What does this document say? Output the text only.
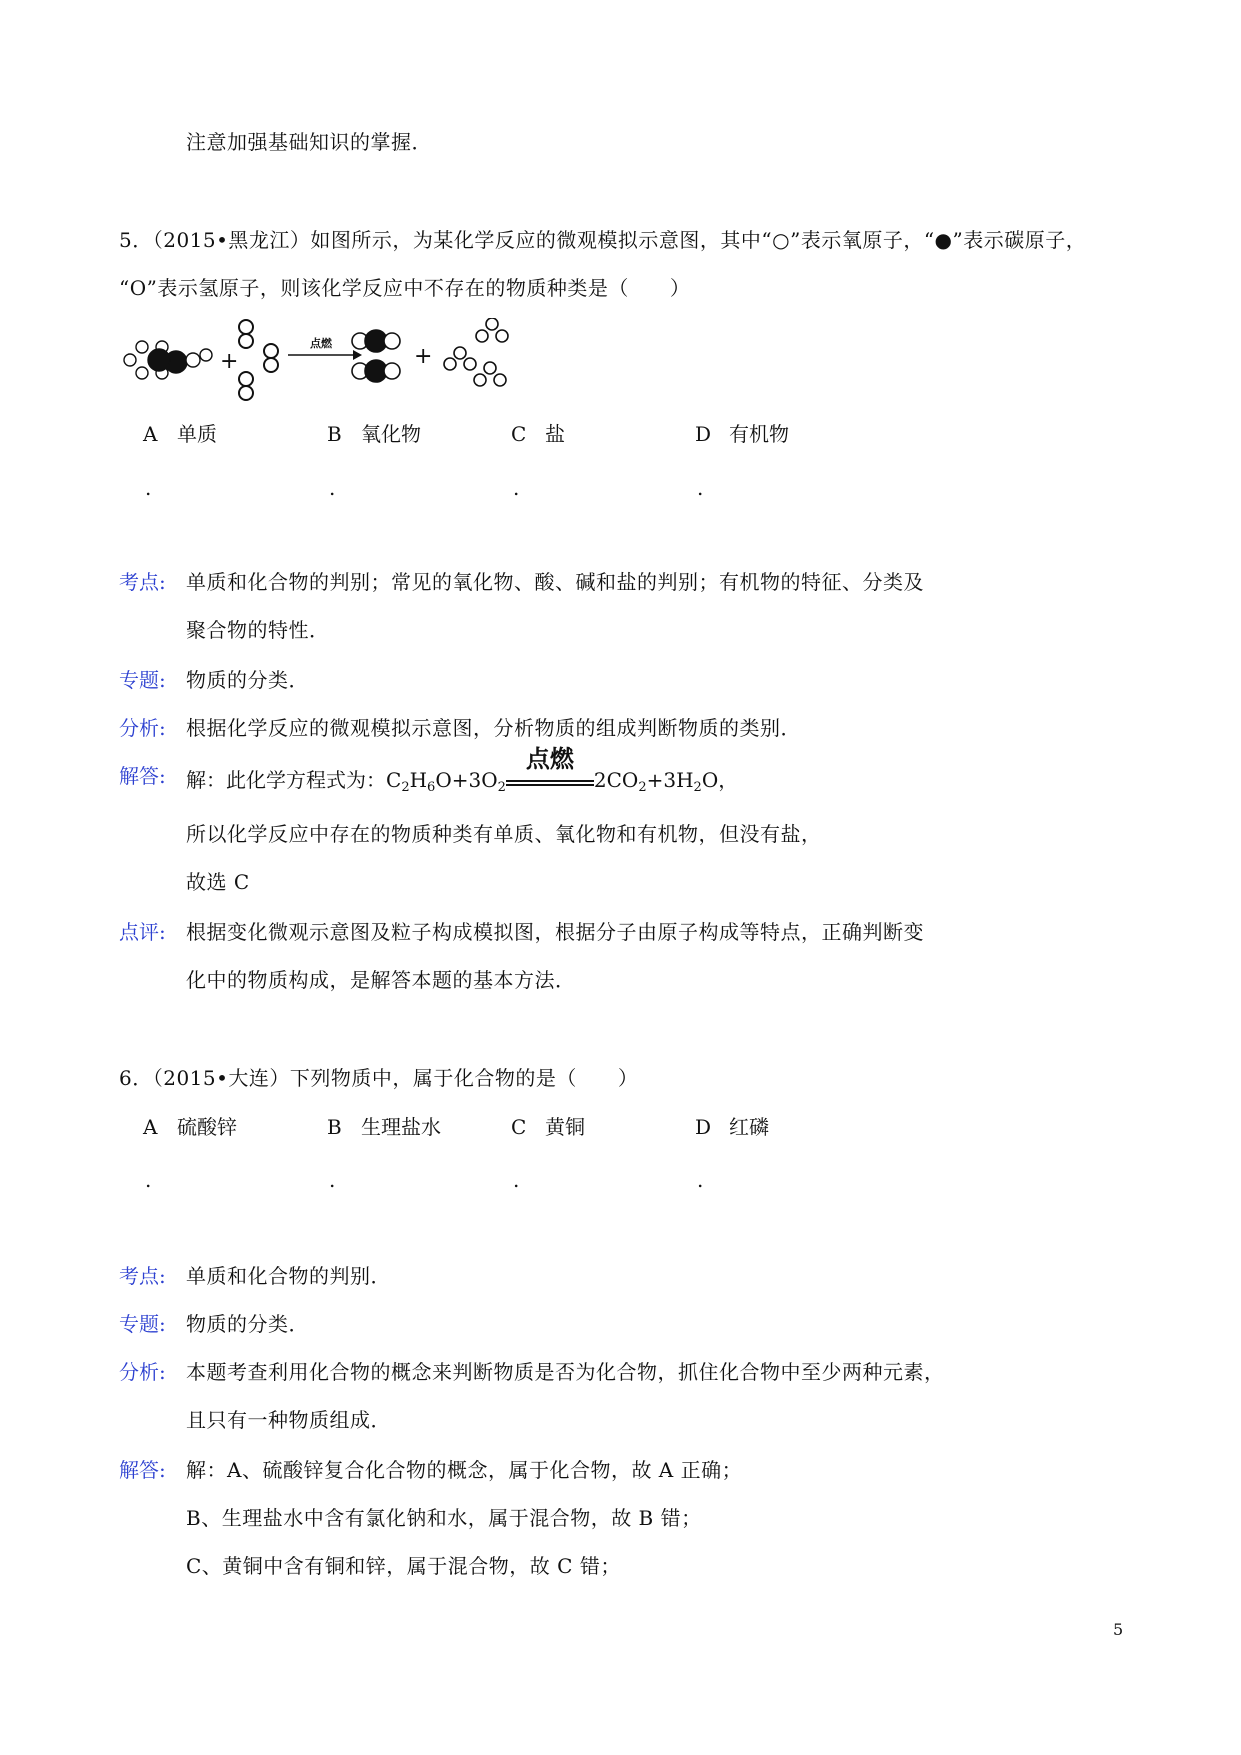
注意加强基础知识的掌握．
5．（2015•黑龙江）如图所示，为某化学反应的微观模拟示意图，其中“○”表示氧原子，“●”表示碳原子，
“O”表示氢原子，则该化学反应中不存在的物质种类是（　　）
+
点燃
+
A 单质	B 氧化物	C 盐	D 有机物
.	.	.	.
考点: 单质和化合物的判别；常见的氧化物、酸、碱和盐的判别；有机物的特征、分类及
聚合物的特性．
专题: 物质的分类．
分析: 根据化学反应的微观模拟示意图，分析物质的组成判断物质的类别．
解答: 解：此化学方程式为：$C_2H_6O+3O_2$
点燃
$2CO_2+3H_2O$，
所以化学反应中存在的物质种类有单质、氧化物和有机物，但没有盐，
故选 C
点评: 根据变化微观示意图及粒子构成模拟图，根据分子由原子构成等特点，正确判断变
化中的物质构成，是解答本题的基本方法．
6．（2015•大连）下列物质中，属于化合物的是（　　）
A 硫酸锌	B 生理盐水	C 黄铜	D 红磷
.	.	.	.
考点: 单质和化合物的判别．
专题: 物质的分类．
分析: 本题考查利用化合物的概念来判断物质是否为化合物，抓住化合物中至少两种元素，
且只有一种物质组成．
解答: 解：A、硫酸锌复合化合物的概念，属于化合物，故 A 正确；
B、生理盐水中含有氯化钠和水，属于混合物，故 B 错；
C、黄铜中含有铜和锌，属于混合物，故 C 错；
5
